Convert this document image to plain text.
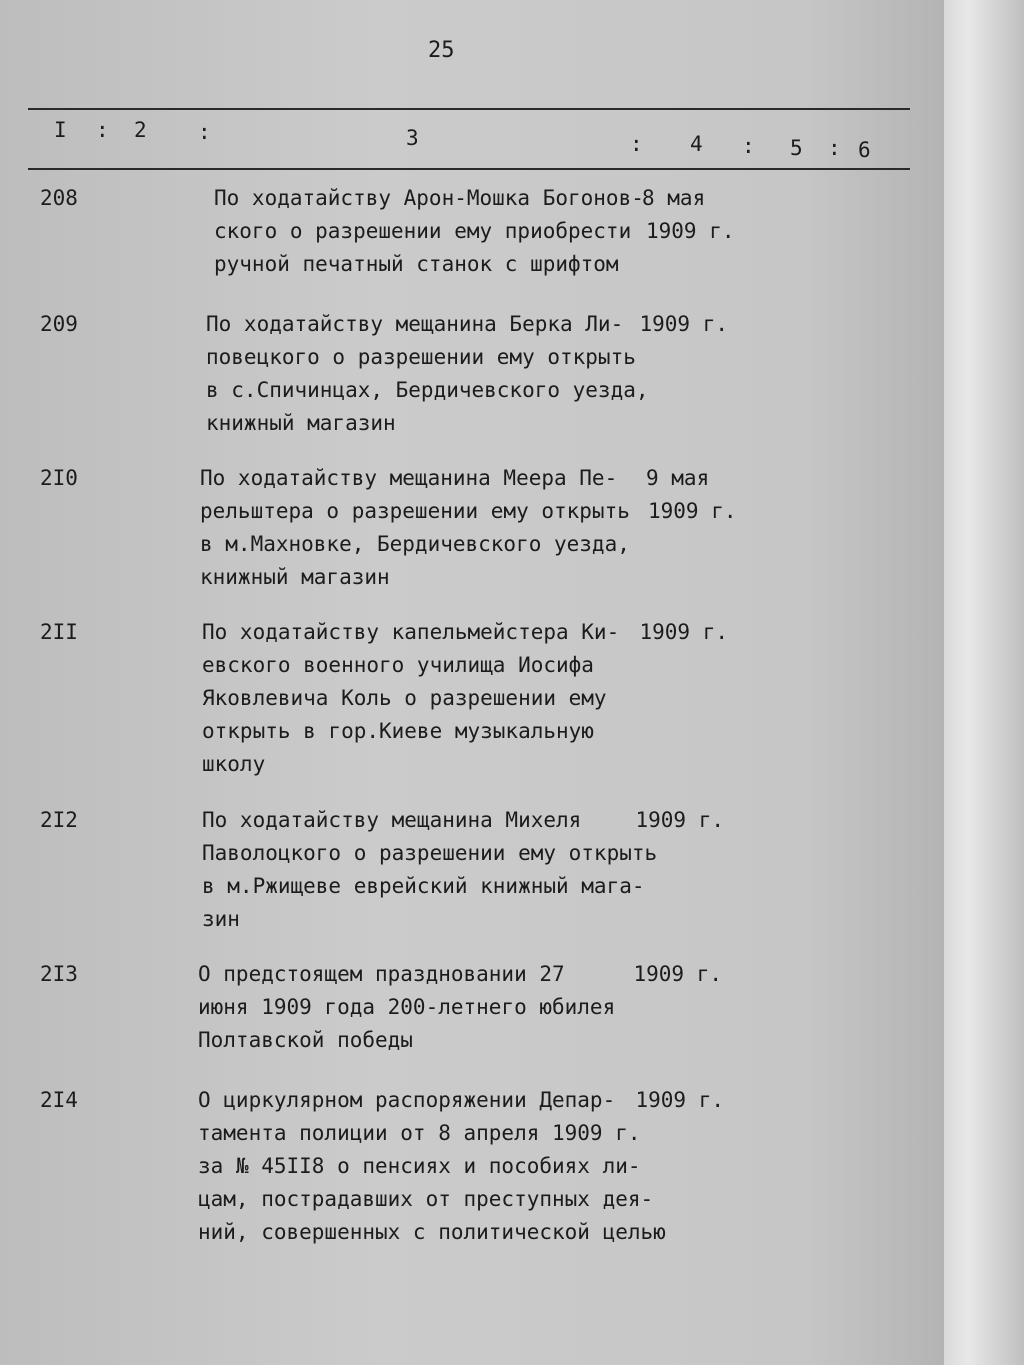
25
I : 2 :	3	: 4 : 5 : 6
208	По ходатайству Арон-Мошка Богонов-
ского о разрешении ему приобрести
ручной печатный станок с шрифтом
8 мая
1909 г.
209	По ходатайству мещанина Берка Ли-
повецкого о разрешении ему открыть
в с.Спичинцах, Бердичевского уезда,
книжный магазин
1909 г.
2I0	По ходатайству мещанина Меера Пе-
рельштера о разрешении ему открыть
в м.Махновке, Бердичевского уезда,
книжный магазин
9 мая
1909 г.
2II	По ходатайству капельмейстера Ки-
евского военного училища Иосифа
Яковлевича Коль о разрешении ему
открыть в гор.Киеве музыкальную
школу
1909 г.
2I2	По ходатайству мещанина Михеля
Паволоцкого о разрешении ему открыть
в м.Ржищеве еврейский книжный мага-
зин
1909 г.
2I3	О предстоящем праздновании 27
июня 1909 года 200-летнего юбилея
Полтавской победы
1909 г.
2I4	О циркулярном распоряжении Депар-
тамента полиции от 8 апреля 1909 г.
за № 45II8 о пенсиях и пособиях ли-
цам, пострадавших от преступных дея-
ний, совершенных с политической целью
1909 г.
